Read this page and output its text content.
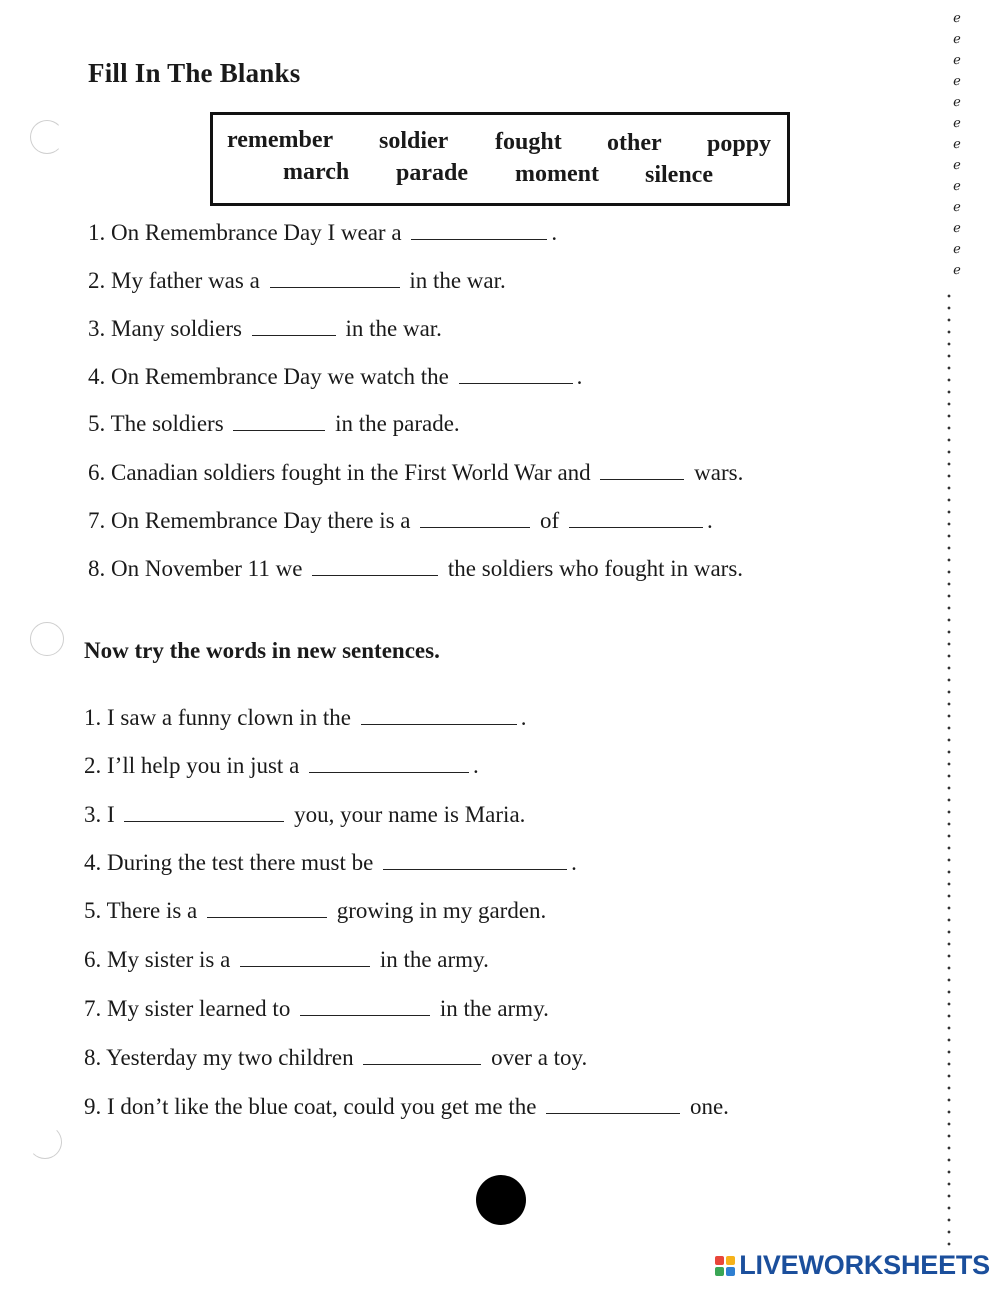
Fill In The Blanks
remember soldier fought other poppy
march parade moment silence
1. On Remembrance Day I wear a	.
2. My father was a	in the war.
3. Many soldiers	in the war.
4. On Remembrance Day we watch the	.
5. The soldiers	in the parade.
6. Canadian soldiers fought in the First World War and	wars.
7. On Remembrance Day there is a	of	.
8. On November 11 we	the soldiers who fought in wars.
Now try the words in new sentences.
1. I saw a funny clown in the	.
2. I’ll help you in just a	.
3. I	you, your name is Maria.
4. During the test there must be	.
5. There is a	growing in my garden.
6. My sister is a	in the army.
7. My sister learned to	in the army.
8. Yesterday my two children	over a toy.
9. I don’t like the blue coat, could you get me the	one.
ℯ
ℯ
ℯ
ℯ
ℯ
ℯ
ℯ
ℯ
ℯ
ℯ
ℯ
ℯ
ℯ
LIVEWORKSHEETS
